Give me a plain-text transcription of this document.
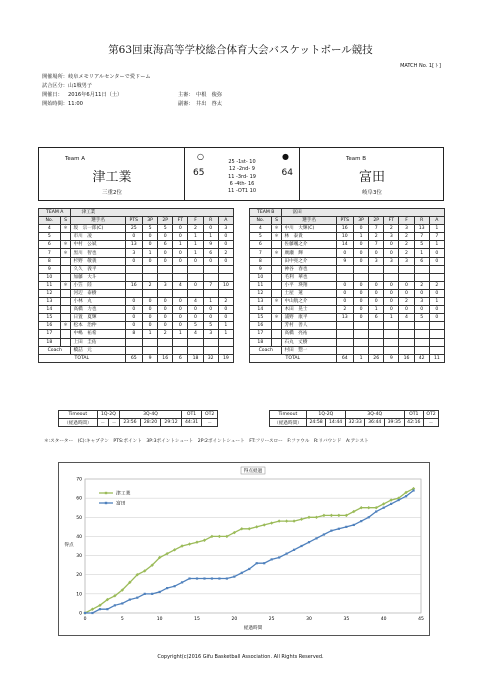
第63回東海高等学校総合体育大会バスケットボール競技
MATCH No. 1[ト]
開催場所：岐阜メモリアルセンターで愛ドーム
試合区分：山1戦男子
開催日： 2016年6月11日（土）
開始時間：11:00
主審： 中根　俊弥
副審： 井出　啓太
Team A
津工業
三重2位
○
65
●
64
25 -1st- 10
12 -2nd- 9
11 -3rd- 19
6 -4th- 16
11 -OT1 10
Team B
富田
岐阜3位
TEAM A		津工業							
No.	S	選手名	PTS	3P	2P	FT	F	R	A
4	＊	坂　宗一郎(C)	25	5	5	0	2	0	3
5		市川　凌	0	0	0	0	1	1	0
6	＊	中村　公斌	13	0	6	1	1	9	0
7	＊	黒川　智也	3	1	0	0	1	6	2
8		杉野　敬義	0	0	0	0	0	0	0
9		久久　義平							
10		加藤　大斗							
11	＊	小笠　陸	16	2	3	4	0	7	10
12		河辺　泰樹							
13		小林　丸	0	0	0	0	4	1	2
14		高橋　力也	0	0	0	0	0	0	0
15		日置　夏輝	0	0	0	0	0	0	0
16	＊	松本　治仲	0	0	0	0	5	5	1
17		中嶋　祐希	8	1	2	1	4	3	1
18		上田　圭佑							
Coach		橋詰　元							
TOTAL			65	9	16	6	18	32	19
TEAM B		富田							
No.	S	選手名	PTS	3P	2P	FT	F	R	A
4	＊	中川　大輝(C)	16	0	7	2	3	13	1
5	＊	林　泰貴	10	1	2	3	2	7	7
6		佐藤颯之介	14	0	7	0	2	5	1
7	＊	廣瀬　輝	0	0	0	0	2	1	0
8		田中亮之介	9	0	3	3	3	6	0
9		神谷　春也							
10		毛利　華也							
11		小平　瑛翔	0	0	0	0	0	2	2
12		土屋　蓮	0	0	0	0	0	0	0
13	＊	中山航之介	0	0	0	0	2	3	1
14		木田　晃士	2	0	1	0	0	0	0
15	＊	浦野　康平	13	0	6	1	4	5	0
16		芳村　善人							
17		高橋　亮祐							
18		石丸　丈樹							
Coach		村田　惣一							
TOTAL			64	1	26	9	16	42	11
Timeout	1Q-2Q		3Q-4Q			OT1	OT2
（経過時間）	－	－	23:56	28:20	29:12	44:31	－
Timeout	1Q-2Q		3Q-4Q			OT1	OT2
（経過時間）	24:58	14:44	32:33	36:44	39:35	42:16	－
＊:スターター　(C):キャプテン　PTS:ポイント　3P:3ポイントシュート　2P:2ポイントシュート　FT:フリースロー　F:ファウル　R:リバウンド　A:アシスト
0
10
20
30
40
50
60
70
0	5	10	15	20	25	30	35	40	45
得点経過
経過時間
得点
津工業
富田
Copyright(c)2016 Gifu Basketball Association. All Rights Reserved.
